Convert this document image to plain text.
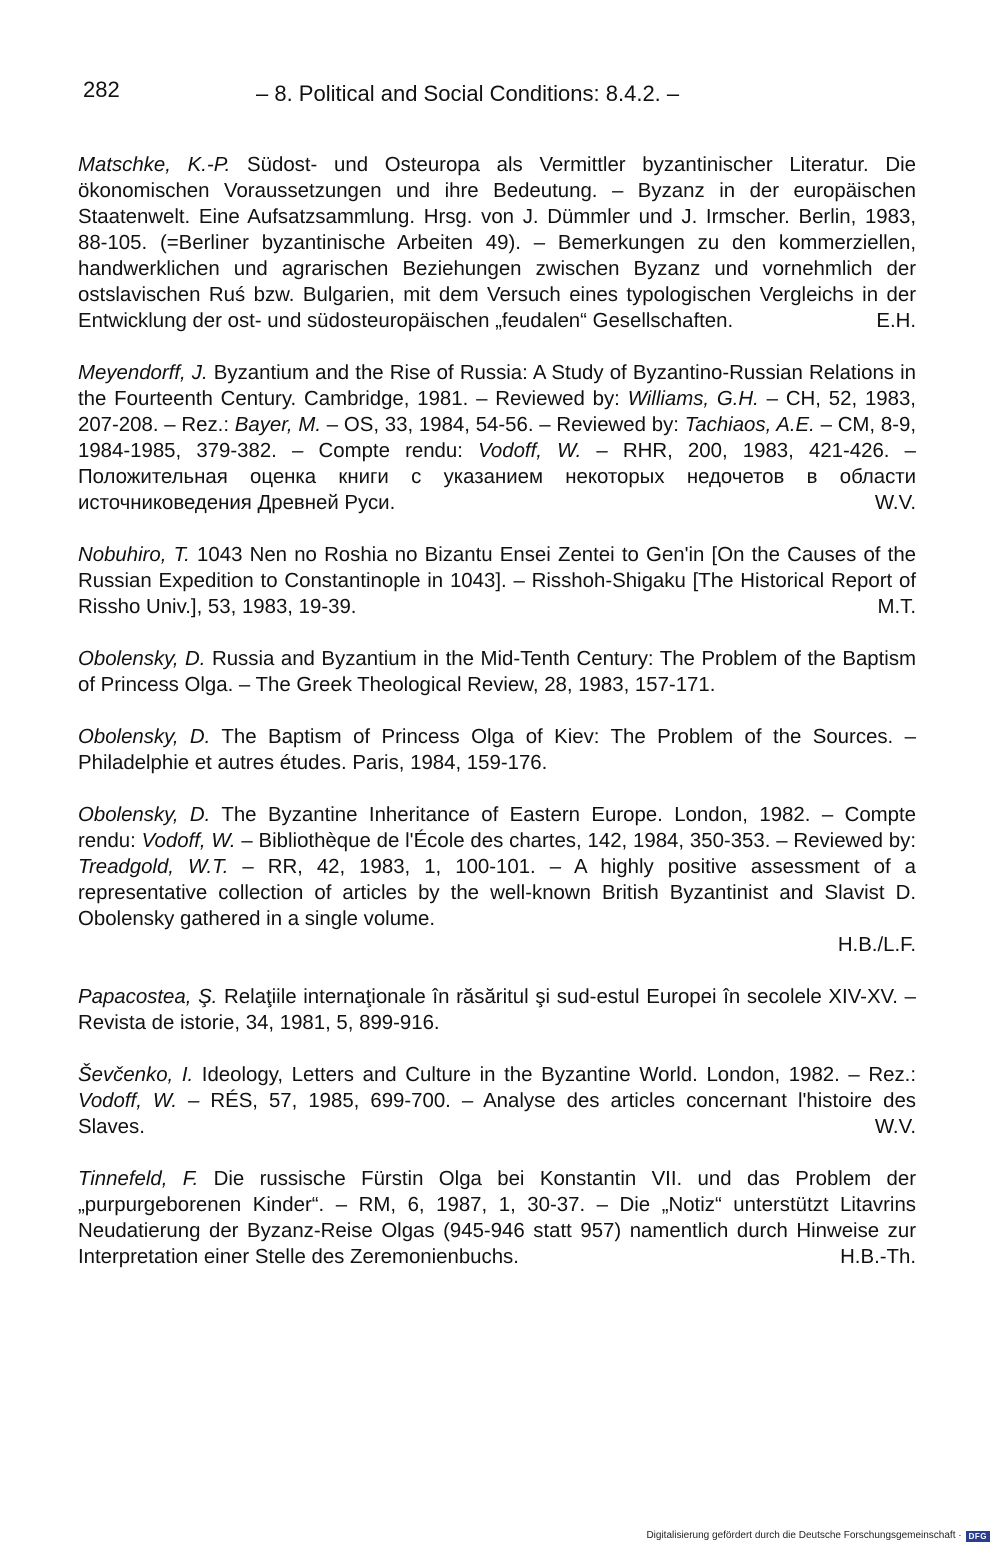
282	– 8. Political and Social Conditions: 8.4.2. –

Matschke, K.-P. Südost- und Osteuropa als Vermittler byzantinischer Literatur. Die ökonomischen Voraussetzungen und ihre Bedeutung. – Byzanz in der europäischen Staatenwelt. Eine Aufsatzsammlung. Hrsg. von J. Dümmler und J. Irmscher. Berlin, 1983, 88-105. (=Berliner byzantinische Arbeiten 49). – Bemerkungen zu den kommerziellen, handwerklichen und agrarischen Beziehungen zwischen Byzanz und vornehmlich der ostslavischen Ruś bzw. Bulgarien, mit dem Versuch eines typologischen Vergleichs in der Entwicklung der ost- und südosteuropäischen „feudalen“ Gesellschaften.	E.H.

Meyendorff, J. Byzantium and the Rise of Russia: A Study of Byzantino-Russian Relations in the Fourteenth Century. Cambridge, 1981. – Reviewed by: Williams, G.H. – CH, 52, 1983, 207-208. – Rez.: Bayer, M. – OS, 33, 1984, 54-56. – Reviewed by: Tachiaos, A.E. – CM, 8-9, 1984-1985, 379-382. – Compte rendu: Vodoff, W. – RHR, 200, 1983, 421-426. – Положительная оценка книги с указанием некоторых недочетов в области источниковедения Древней Руси.	W.V.

Nobuhiro, T. 1043 Nen no Roshia no Bizantu Ensei Zentei to Gen'in [On the Causes of the Russian Expedition to Constantinople in 1043]. – Risshoh-Shigaku [The Historical Report of Rissho Univ.], 53, 1983, 19-39.	M.T.

Obolensky, D. Russia and Byzantium in the Mid-Tenth Century: The Problem of the Baptism of Princess Olga. – The Greek Theological Review, 28, 1983, 157-171.

Obolensky, D. The Baptism of Princess Olga of Kiev: The Problem of the Sources. – Philadelphie et autres études. Paris, 1984, 159-176.

Obolensky, D. The Byzantine Inheritance of Eastern Europe. London, 1982. – Compte rendu: Vodoff, W. – Bibliothèque de l'École des chartes, 142, 1984, 350-353. – Reviewed by: Treadgold, W.T. – RR, 42, 1983, 1, 100-101. – A highly positive assessment of a representative collection of articles by the well-known British Byzantinist and Slavist D. Obolensky gathered in a single volume.
H.B./L.F.

Papacostea, Ş. Relaţiile internaţionale în răsăritul şi sud-estul Europei în secolele XIV-XV. – Revista de istorie, 34, 1981, 5, 899-916.

Ševčenko, I. Ideology, Letters and Culture in the Byzantine World. London, 1982. – Rez.: Vodoff, W. – RÉS, 57, 1985, 699-700. – Analyse des articles concernant l'histoire des Slaves.	W.V.

Tinnefeld, F. Die russische Fürstin Olga bei Konstantin VII. und das Problem der „purpurgeborenen Kinder“. – RM, 6, 1987, 1, 30-37. – Die „Notiz“ unterstützt Litavrins Neudatierung der Byzanz-Reise Olgas (945-946 statt 957) namentlich durch Hinweise zur Interpretation einer Stelle des Zeremonienbuchs.	H.B.-Th.

Digitalisierung gefördert durch die Deutsche Forschungsgemeinschaft · DFG
